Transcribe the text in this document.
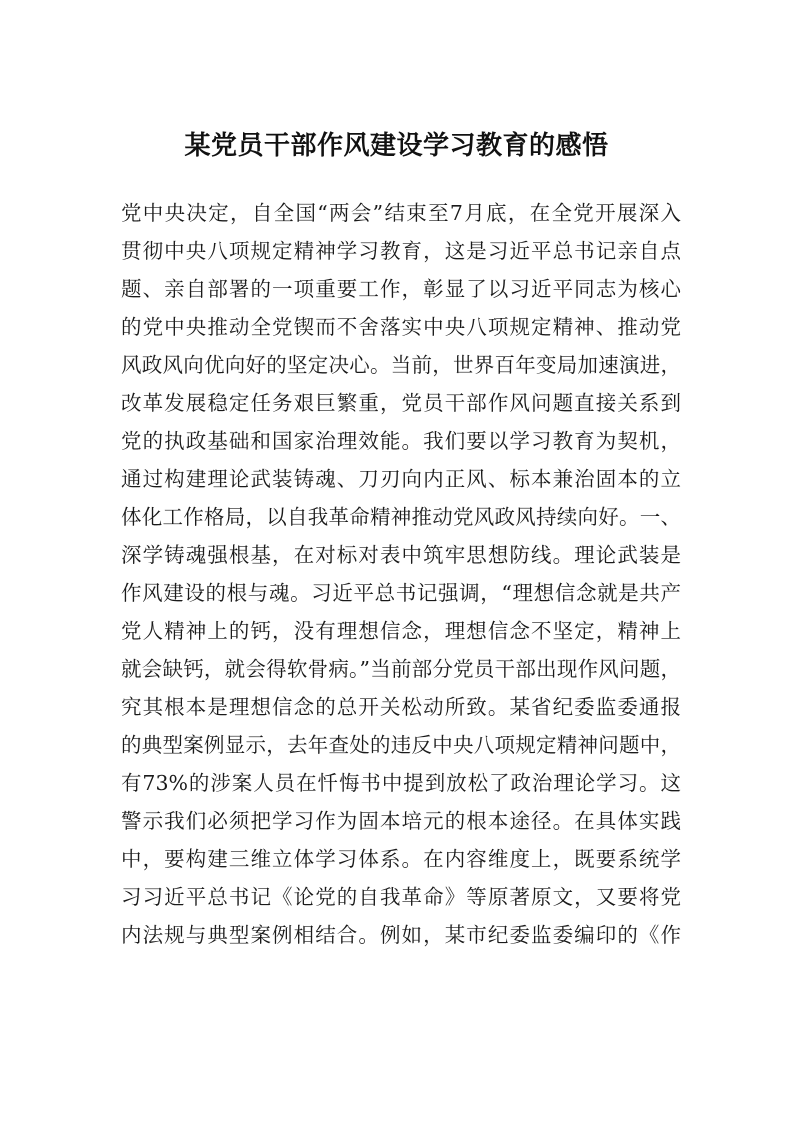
某党员干部作风建设学习教育的感悟
党中央决定，自全国“两会”结束至7月底，在全党开展深入
贯彻中央八项规定精神学习教育，这是习近平总书记亲自点
题、亲自部署的一项重要工作，彰显了以习近平同志为核心
的党中央推动全党锲而不舍落实中央八项规定精神、推动党
风政风向优向好的坚定决心。当前，世界百年变局加速演进，
改革发展稳定任务艰巨繁重，党员干部作风问题直接关系到
党的执政基础和国家治理效能。我们要以学习教育为契机，
通过构建理论武装铸魂、刀刃向内正风、标本兼治固本的立
体化工作格局，以自我革命精神推动党风政风持续向好。一、
深学铸魂强根基，在对标对表中筑牢思想防线。理论武装是
作风建设的根与魂。习近平总书记强调，“理想信念就是共产
党人精神上的钙，没有理想信念，理想信念不坚定，精神上
就会缺钙，就会得软骨病。”当前部分党员干部出现作风问题，
究其根本是理想信念的总开关松动所致。某省纪委监委通报
的典型案例显示，去年查处的违反中央八项规定精神问题中，
有73%的涉案人员在忏悔书中提到放松了政治理论学习。这
警示我们必须把学习作为固本培元的根本途径。在具体实践
中，要构建三维立体学习体系。在内容维度上，既要系统学
习习近平总书记《论党的自我革命》等原著原文，又要将党
内法规与典型案例相结合。例如，某市纪委监委编印的《作
